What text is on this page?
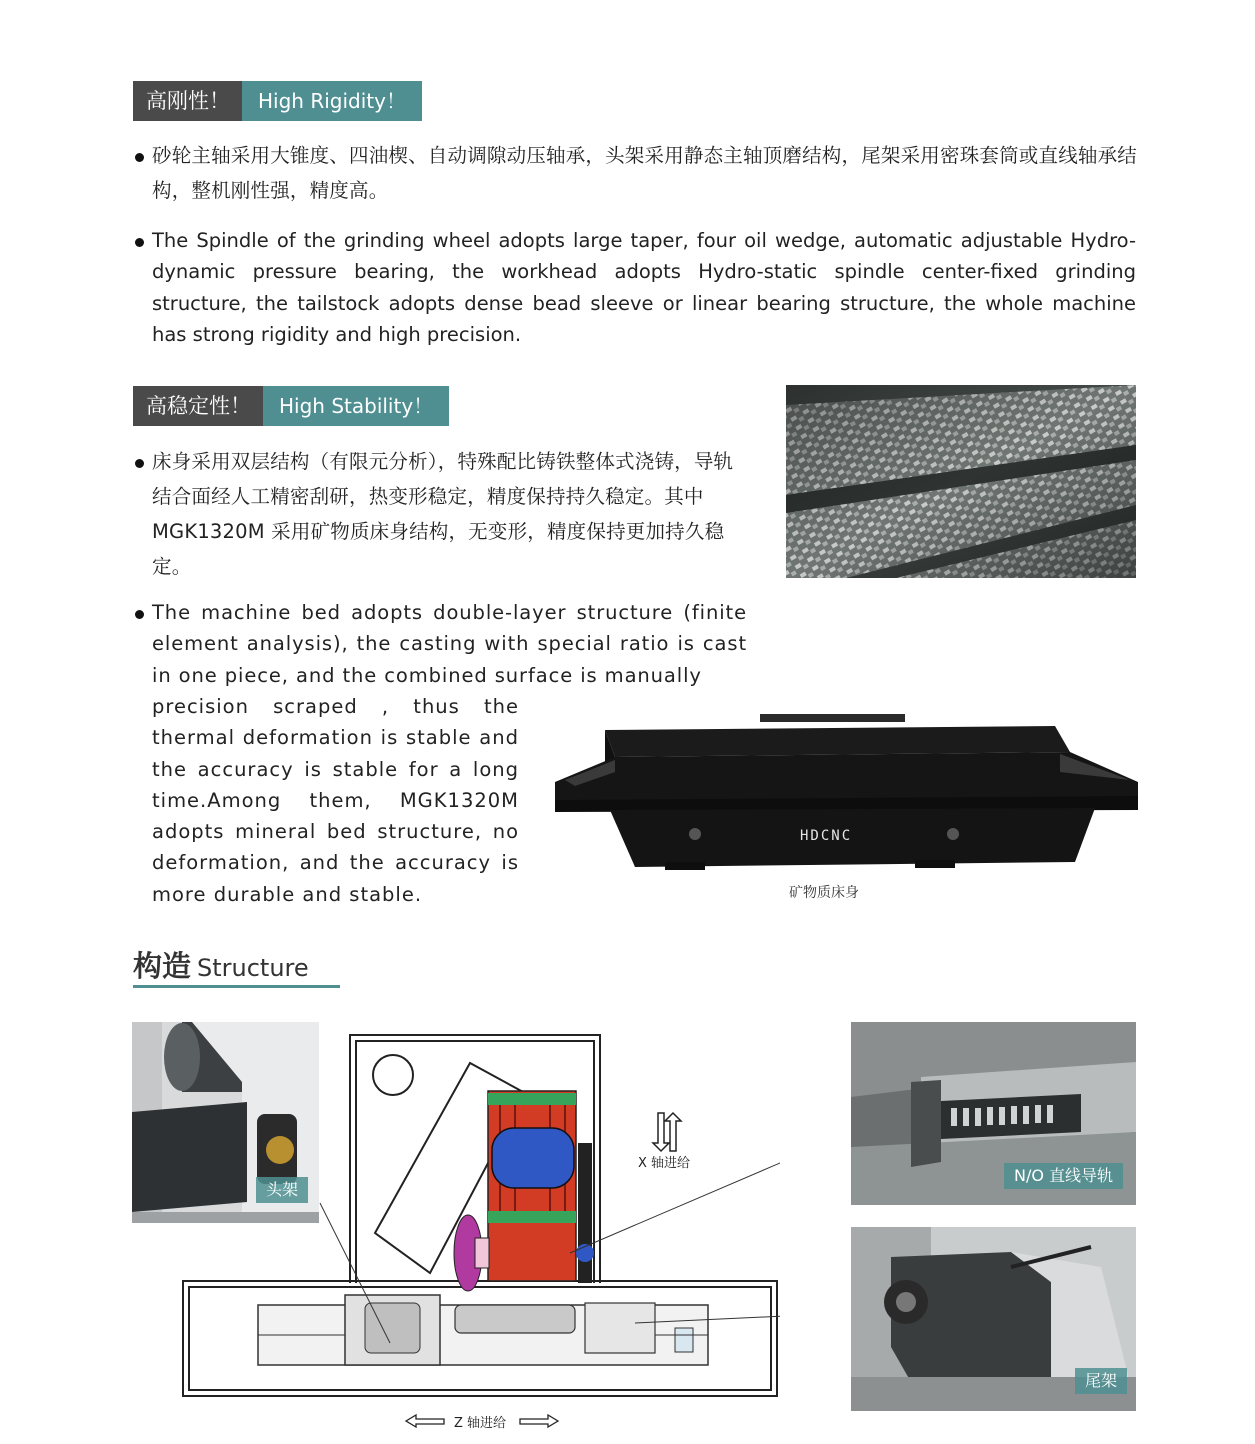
高刚性！	High Rigidity！
砂轮主轴采用大锥度、四油楔、自动调隙动压轴承，头架采用静态主轴顶磨结构，尾架采用密珠套筒或直线轴承结构，整机刚性强，精度高。
The Spindle of the grinding wheel adopts large taper, four oil wedge, automatic adjustable Hydro-dynamic pressure bearing, the workhead adopts Hydro-static spindle center-fixed grinding structure, the tailstock adopts dense bead sleeve or linear bearing structure, the whole machine has strong rigidity and high precision.
高稳定性！	High Stability！
床身采用双层结构（有限元分析），特殊配比铸铁整体式浇铸，导轨结合面经人工精密刮研，热变形稳定，精度保持持久稳定。其中 MGK1320M 采用矿物质床身结构，无变形，精度保持更加持久稳定。
The machine bed adopts double-layer structure (finite element analysis), the casting with special ratio is cast in one piece, and the combined surface is manually
precision scraped , thus the thermal deformation is stable and the accuracy is stable for a long time.Among them, MGK1320M adopts mineral bed structure, no deformation, and the accuracy is more durable and stable.
HDCNC
矿物质床身
构造 Structure
头架
X 轴进给
Z 轴进给
N/O 直线导轨
尾架
